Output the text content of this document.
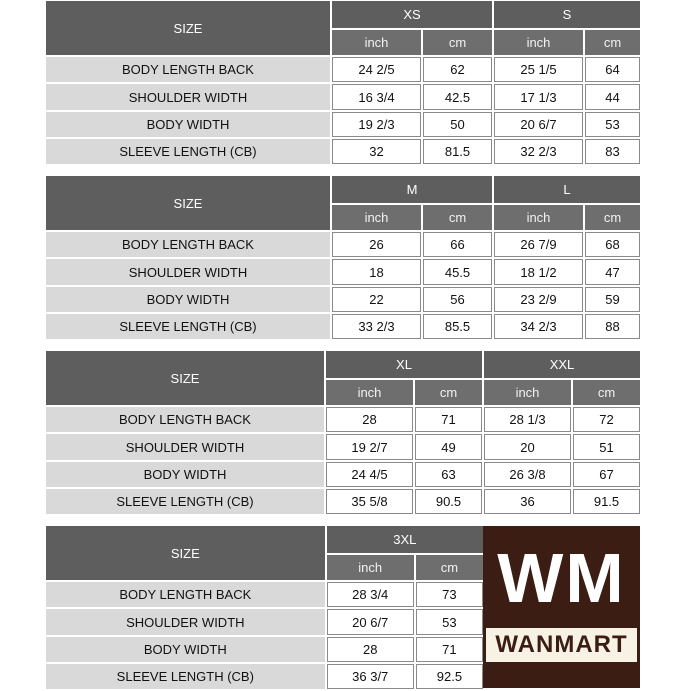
SIZE	XS		S	
	inch	cm	inch	cm
BODY LENGTH BACK	24 2/5	62	25 1/5	64
SHOULDER WIDTH	16 3/4	42.5	17 1/3	44
BODY WIDTH	19 2/3	50	20 6/7	53
SLEEVE LENGTH (CB)	32	81.5	32 2/3	83
SIZE	M		L	
	inch	cm	inch	cm
BODY LENGTH BACK	26	66	26 7/9	68
SHOULDER WIDTH	18	45.5	18 1/2	47
BODY WIDTH	22	56	23 2/9	59
SLEEVE LENGTH (CB)	33 2/3	85.5	34 2/3	88
SIZE	XL		XXL	
	inch	cm	inch	cm
BODY LENGTH BACK	28	71	28 1/3	72
SHOULDER WIDTH	19 2/7	49	20	51
BODY WIDTH	24 4/5	63	26 3/8	67
SLEEVE LENGTH (CB)	35 5/8	90.5	36	91.5
SIZE	3XL	
	inch	cm
BODY LENGTH BACK	28 3/4	73
SHOULDER WIDTH	20 6/7	53
BODY WIDTH	28	71
SLEEVE LENGTH (CB)	36 3/7	92.5
WM
WANMART
